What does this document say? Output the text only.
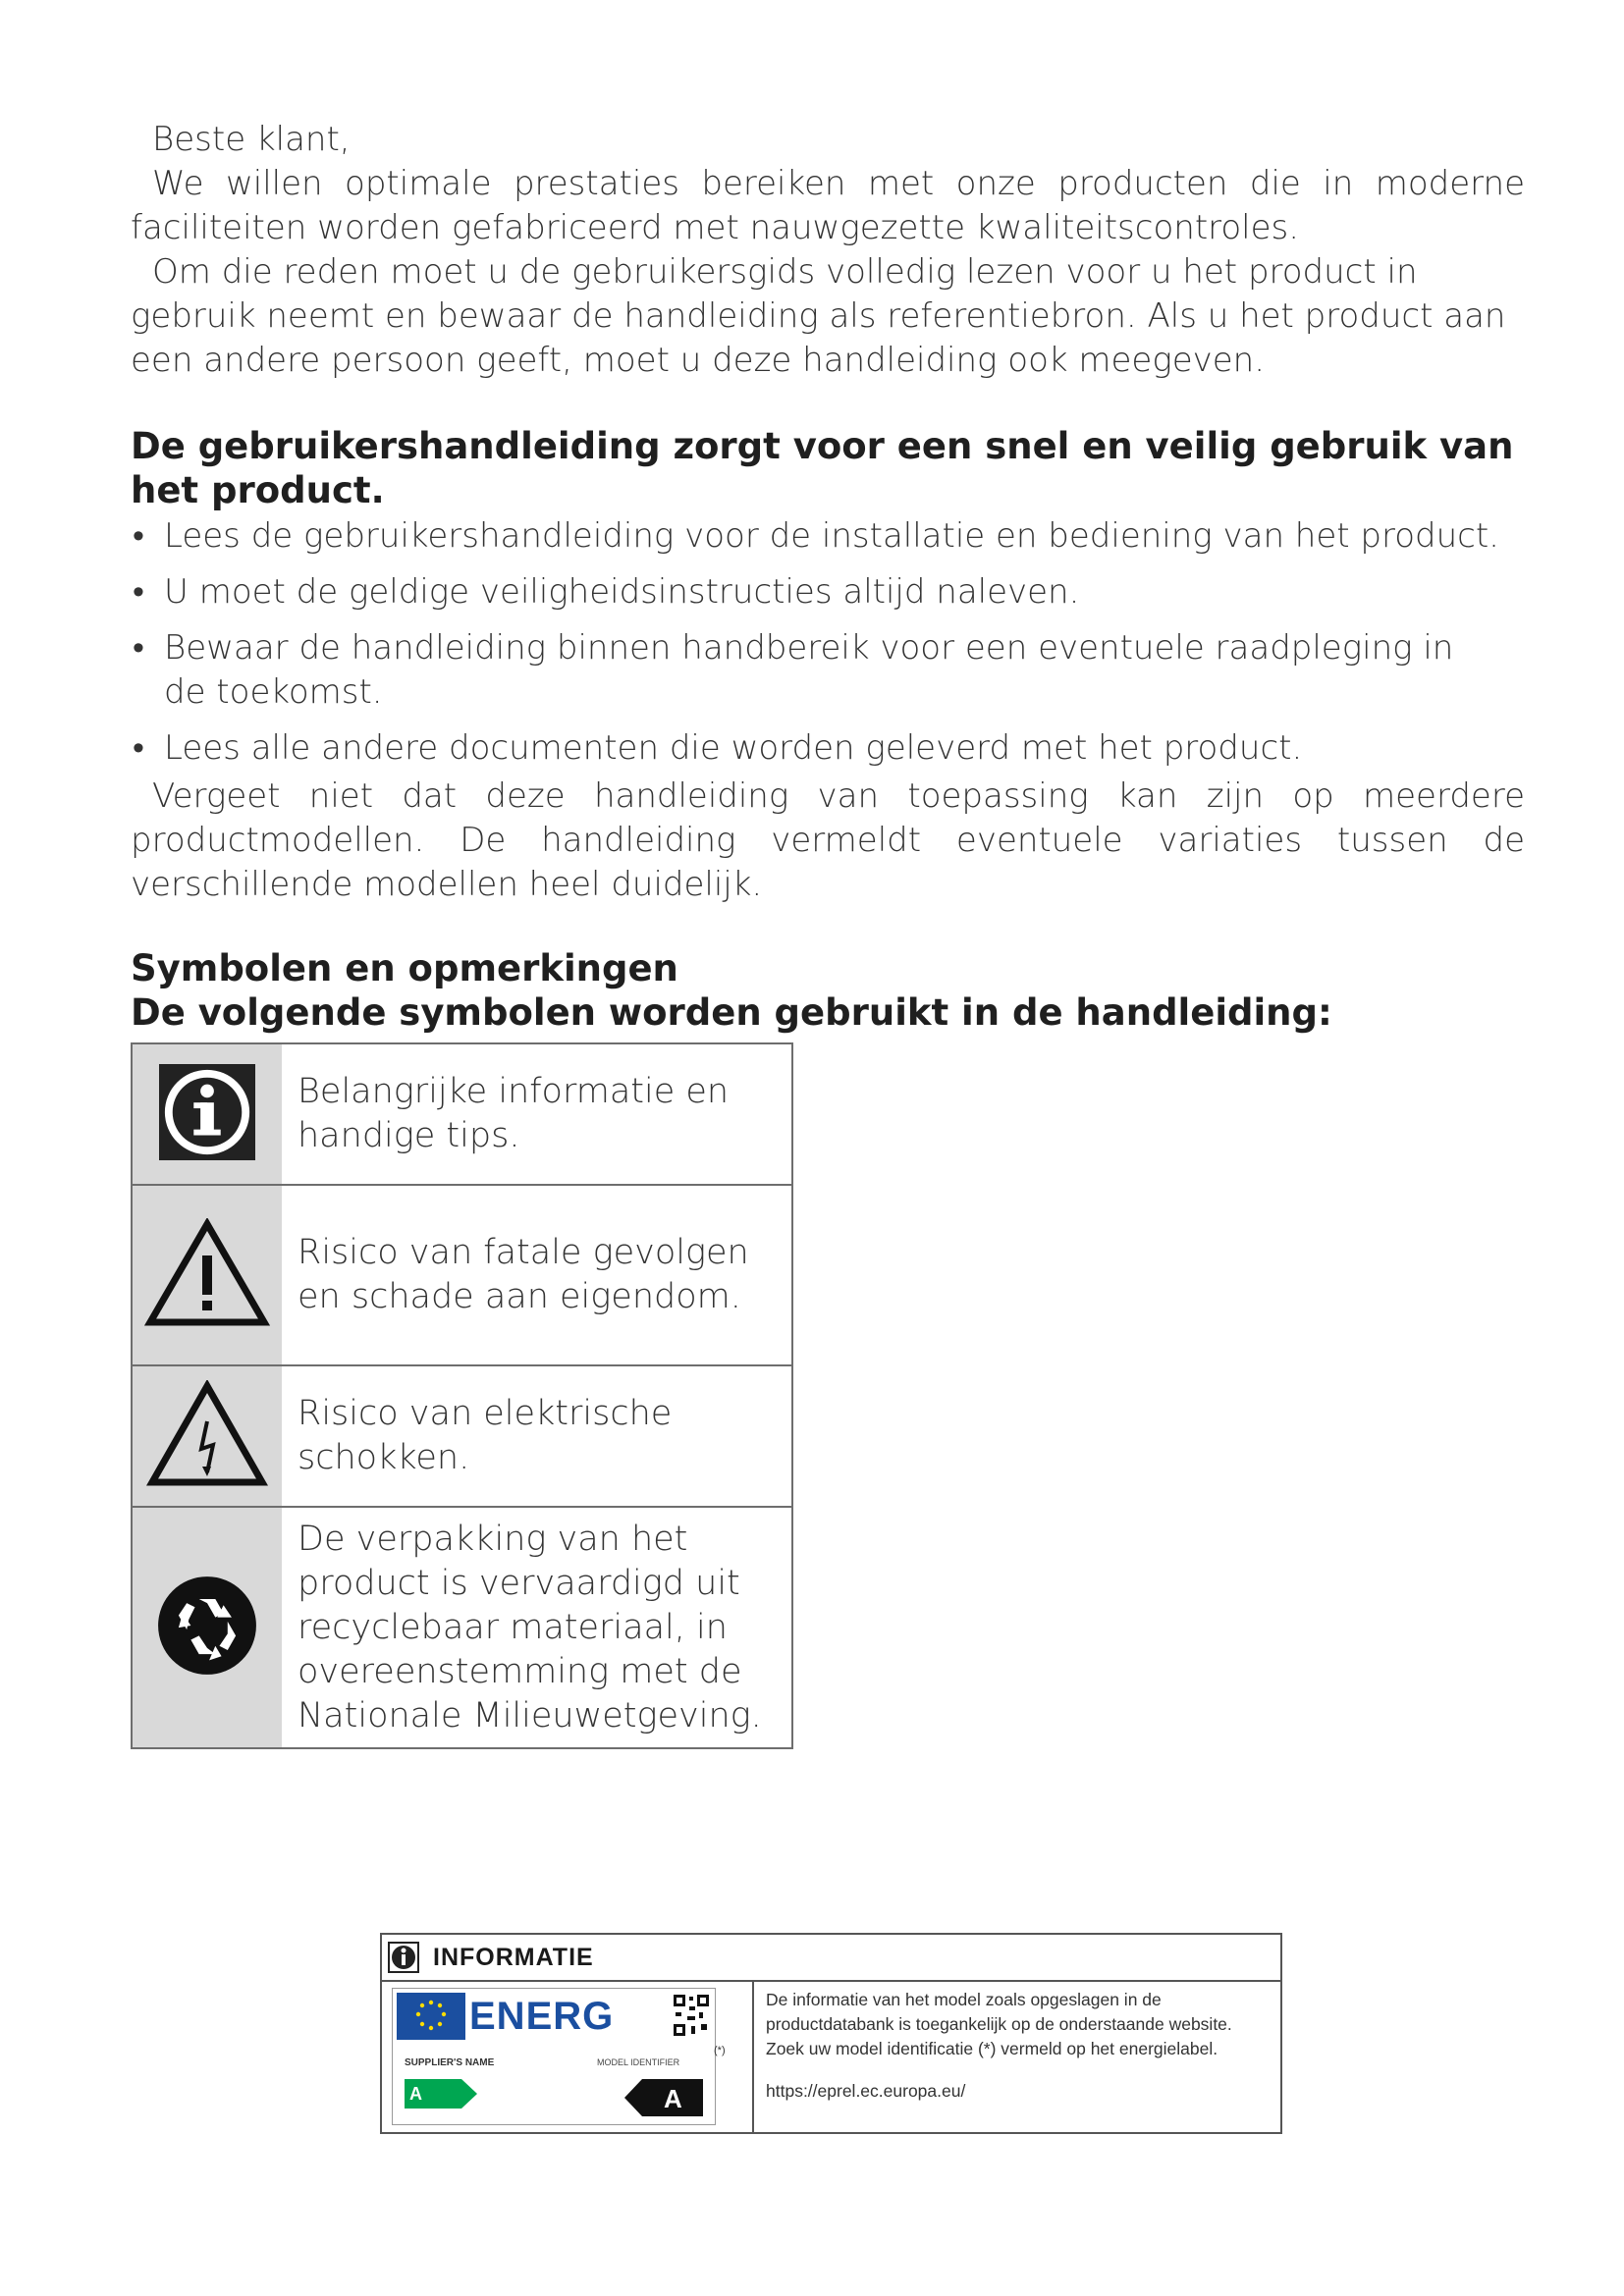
Beste klant,

We willen optimale prestaties bereiken met onze producten die in moderne faciliteiten worden gefabriceerd met nauwgezette kwaliteitscontroles.

Om die reden moet u de gebruikersgids volledig lezen voor u het product in gebruik neemt en bewaar de handleiding als referentiebron. Als u het product aan een andere persoon geeft, moet u deze handleiding ook meegeven.

De gebruikershandleiding zorgt voor een snel en veilig gebruik van het product.
• Lees de gebruikershandleiding voor de installatie en bediening van het product.
• U moet de geldige veiligheidsinstructies altijd naleven.
• Bewaar de handleiding binnen handbereik voor een eventuele raadpleging in de toekomst.
• Lees alle andere documenten die worden geleverd met het product.

Vergeet niet dat deze handleiding van toepassing kan zijn op meerdere productmodellen. De handleiding vermeldt eventuele variaties tussen de verschillende modellen heel duidelijk.

Symbolen en opmerkingen
De volgende symbolen worden gebruikt in de handleiding:
	Belangrijke informatie en handige tips.
	Risico van fatale gevolgen en schade aan eigendom.
	Risico van elektrische schokken.
	De verpakking van het product is vervaardigd uit recyclebaar materiaal, in overeenstemming met de Nationale Milieuwetgeving.
INFORMATIE
ENERG
SUPPLIER'S NAME	MODEL IDENTIFIER
A	A
(*)
De informatie van het model zoals opgeslagen in de productdatabank is toegankelijk op de onderstaande website. Zoek uw model identificatie (*) vermeld op het energielabel.
https://eprel.ec.europa.eu/
